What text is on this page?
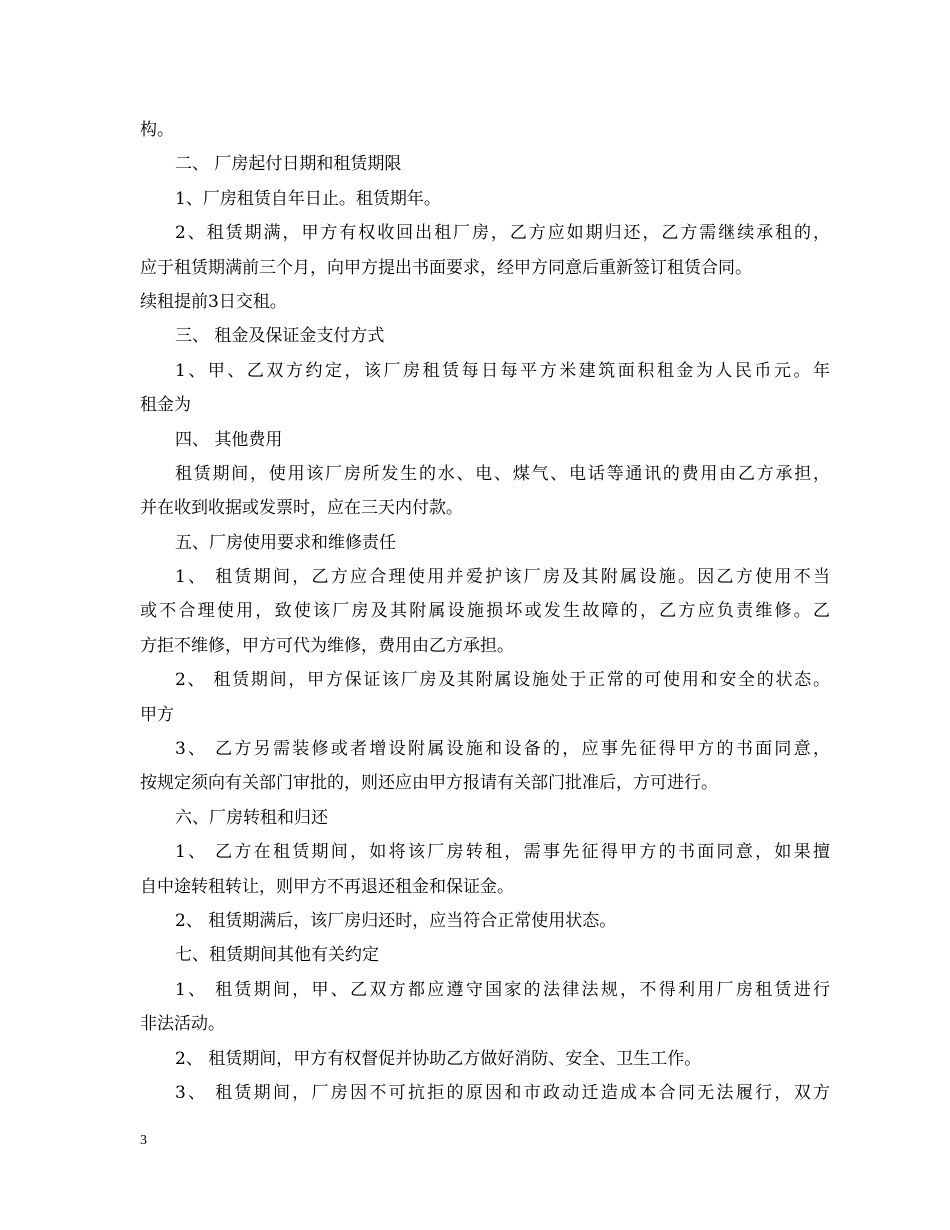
构。
二、 厂房起付日期和租赁期限
1、厂房租赁自年日止。租赁期年。
2、租赁期满，甲方有权收回出租厂房，乙方应如期归还，乙方需继续承租的，
应于租赁期满前三个月，向甲方提出书面要求，经甲方同意后重新签订租赁合同。
续租提前3日交租。
三、 租金及保证金支付方式
1、甲、乙双方约定，该厂房租赁每日每平方米建筑面积租金为人民币元。年
租金为
四、 其他费用
租赁期间，使用该厂房所发生的水、电、煤气、电话等通讯的费用由乙方承担，
并在收到收据或发票时，应在三天内付款。
五、厂房使用要求和维修责任
1、 租赁期间，乙方应合理使用并爱护该厂房及其附属设施。因乙方使用不当
或不合理使用，致使该厂房及其附属设施损坏或发生故障的，乙方应负责维修。乙
方拒不维修，甲方可代为维修，费用由乙方承担。
2、 租赁期间，甲方保证该厂房及其附属设施处于正常的可使用和安全的状态。
甲方
3、 乙方另需装修或者增设附属设施和设备的，应事先征得甲方的书面同意，
按规定须向有关部门审批的，则还应由甲方报请有关部门批准后，方可进行。
六、厂房转租和归还
1、 乙方在租赁期间，如将该厂房转租，需事先征得甲方的书面同意，如果擅
自中途转租转让，则甲方不再退还租金和保证金。
2、 租赁期满后，该厂房归还时，应当符合正常使用状态。
七、租赁期间其他有关约定
1、 租赁期间，甲、乙双方都应遵守国家的法律法规，不得利用厂房租赁进行
非法活动。
2、 租赁期间，甲方有权督促并协助乙方做好消防、安全、卫生工作。
3、 租赁期间，厂房因不可抗拒的原因和市政动迁造成本合同无法履行，双方
3
